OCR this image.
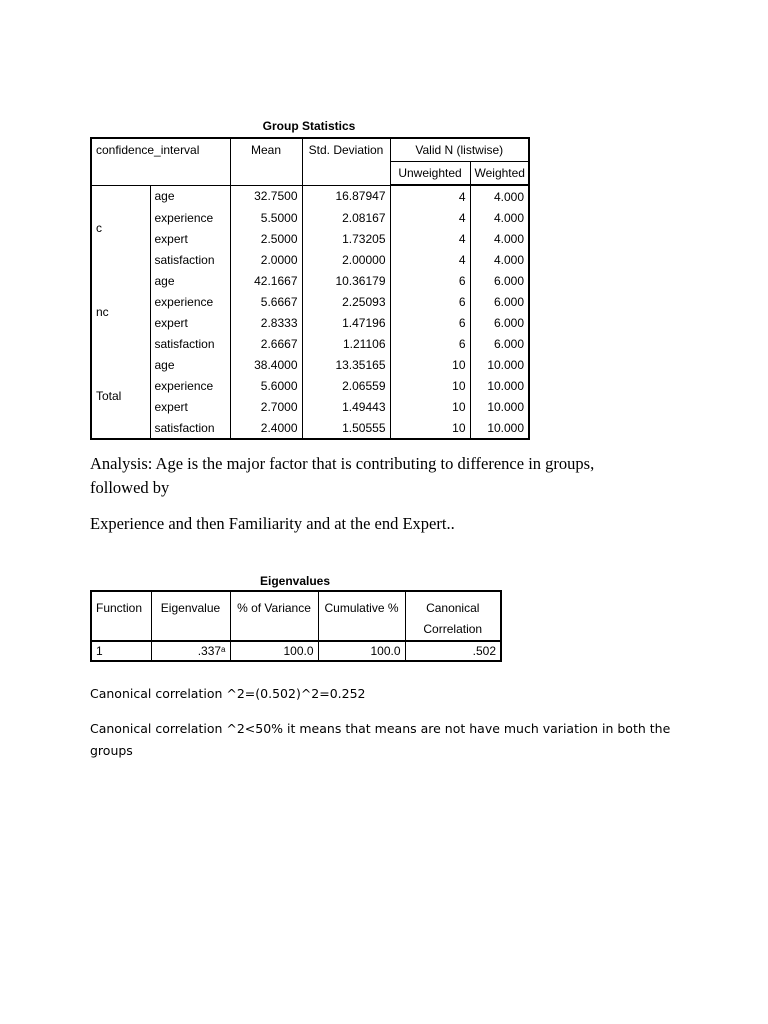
Group Statistics
confidence_interval		Mean	Std. Deviation	Valid N (listwise)	
				Unweighted	Weighted
c	age	32.7500	16.87947	4	4.000
	experience	5.5000	2.08167	4	4.000
	expert	2.5000	1.73205	4	4.000
	satisfaction	2.0000	2.00000	4	4.000
nc	age	42.1667	10.36179	6	6.000
	experience	5.6667	2.25093	6	6.000
	expert	2.8333	1.47196	6	6.000
	satisfaction	2.6667	1.21106	6	6.000
Total	age	38.4000	13.35165	10	10.000
	experience	5.6000	2.06559	10	10.000
	expert	2.7000	1.49443	10	10.000
	satisfaction	2.4000	1.50555	10	10.000
Analysis: Age is the major factor that is contributing to difference in groups,
followed by
Experience and then Familiarity and at the end Expert..
Eigenvalues
Function	Eigenvalue	% of Variance	Cumulative %	Canonical
Correlation
1	.337$^a$	100.0	100.0	.502
Canonical correlation ^2=(0.502)^2=0.252
Canonical correlation ^2<50% it means that means are not have much variation in both the
groups
